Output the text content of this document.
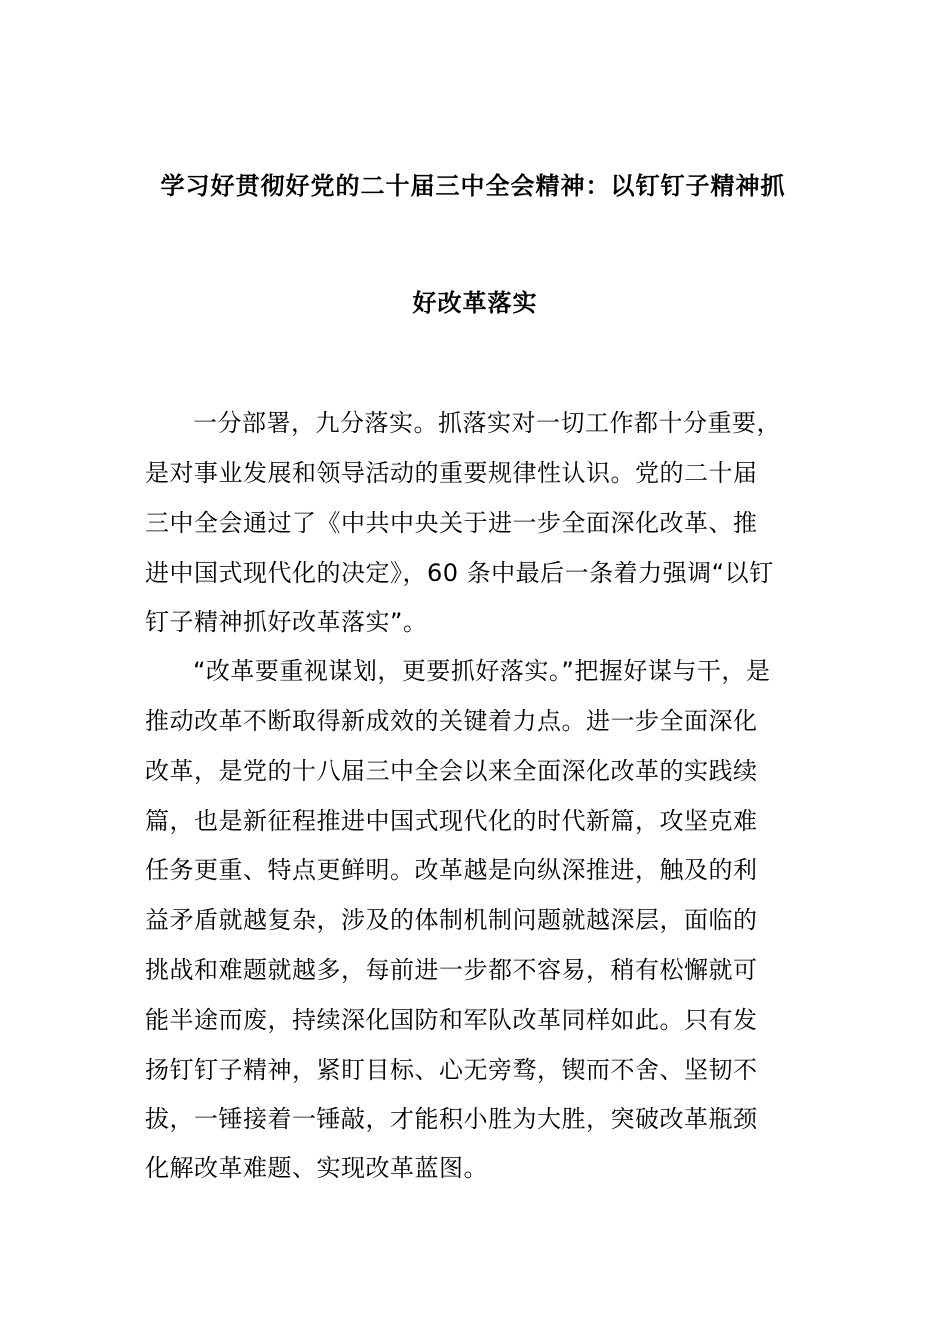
学习好贯彻好党的二十届三中全会精神：以钉钉子精神抓
好改革落实
一分部署，九分落实。抓落实对一切工作都十分重要，
是对事业发展和领导活动的重要规律性认识。党的二十届
三中全会通过了《中共中央关于进一步全面深化改革、推
进中国式现代化的决定》，60 条中最后一条着力强调“以钉
钉子精神抓好改革落实”。
“改革要重视谋划，更要抓好落实。”把握好谋与干，是
推动改革不断取得新成效的关键着力点。进一步全面深化
改革，是党的十八届三中全会以来全面深化改革的实践续
篇，也是新征程推进中国式现代化的时代新篇，攻坚克难
任务更重、特点更鲜明。改革越是向纵深推进，触及的利
益矛盾就越复杂，涉及的体制机制问题就越深层，面临的
挑战和难题就越多，每前进一步都不容易，稍有松懈就可
能半途而废，持续深化国防和军队改革同样如此。只有发
扬钉钉子精神，紧盯目标、心无旁骛，锲而不舍、坚韧不
拔，一锤接着一锤敲，才能积小胜为大胜，突破改革瓶颈
化解改革难题、实现改革蓝图。
